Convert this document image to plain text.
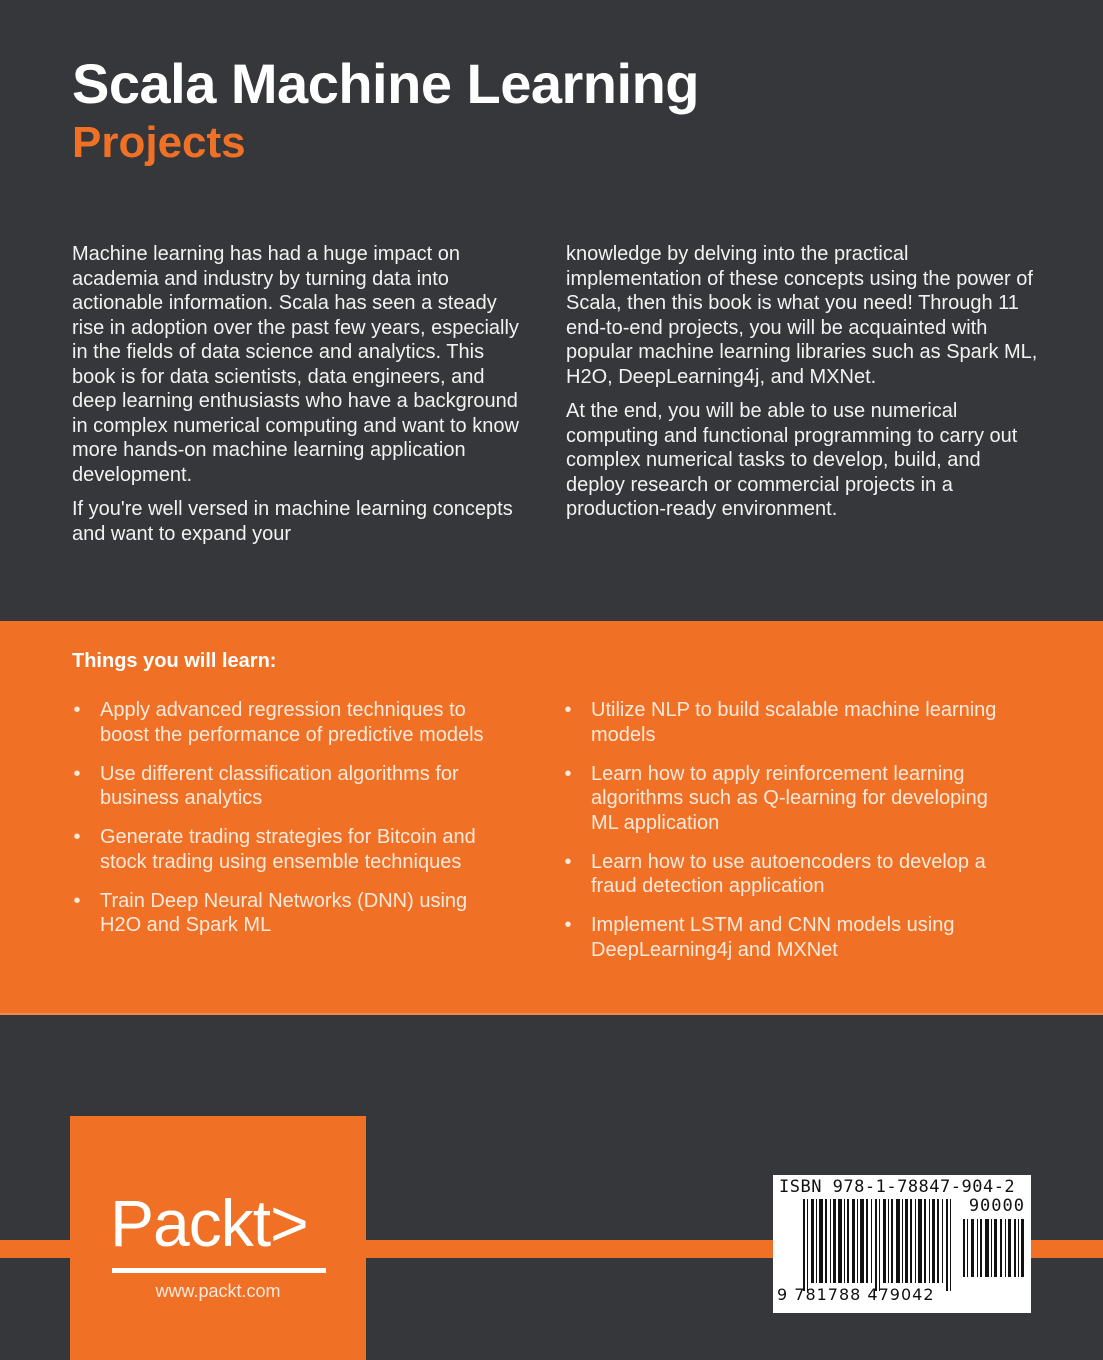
Scala Machine Learning
Projects

Machine learning has had a huge impact on academia and industry by turning data into actionable information. Scala has seen a steady rise in adoption over the past few years, especially in the fields of data science and analytics. This book is for data scientists, data engineers, and deep learning enthusiasts who have a background in complex numerical computing and want to know more hands-on machine learning application development.

If you're well versed in machine learning concepts and want to expand your

knowledge by delving into the practical implementation of these concepts using the power of Scala, then this book is what you need! Through 11 end-to-end projects, you will be acquainted with popular machine learning libraries such as Spark ML, H2O, DeepLearning4j, and MXNet.

At the end, you will be able to use numerical computing and functional programming to carry out complex numerical tasks to develop, build, and deploy research or commercial projects in a production-ready environment.

Things you will learn:
• Apply advanced regression techniques to boost the performance of predictive models
• Use different classification algorithms for business analytics
• Generate trading strategies for Bitcoin and stock trading using ensemble techniques
• Train Deep Neural Networks (DNN) using H2O and Spark ML
• Utilize NLP to build scalable machine learning models
• Learn how to apply reinforcement learning algorithms such as Q-learning for developing ML application
• Learn how to use autoencoders to develop a fraud detection application
• Implement LSTM and CNN models using DeepLearning4j and MXNet
Packt>
www.packt.com
ISBN 978-1-78847-904-2
90000
9 781788 479042
